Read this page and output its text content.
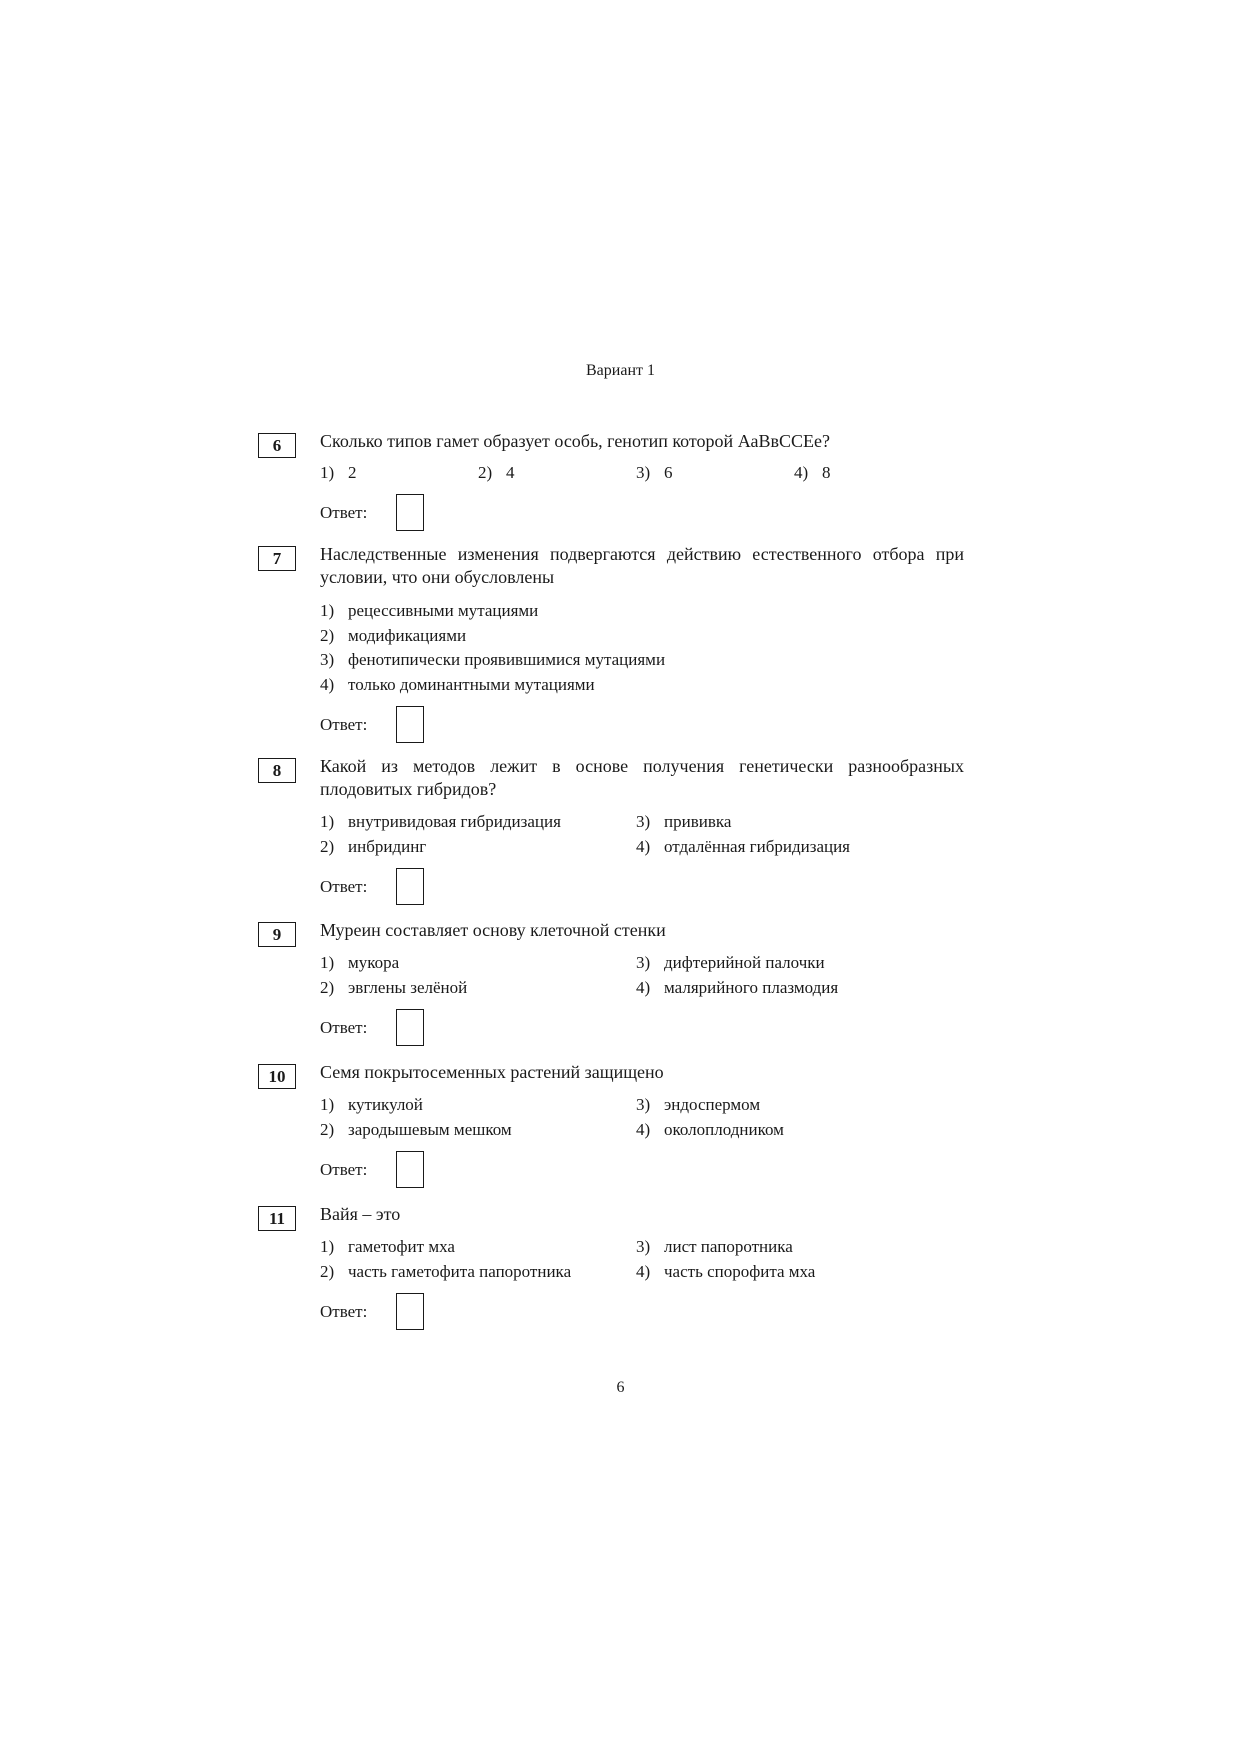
Вариант 1
6	Сколько типов гамет образует особь, генотип которой АаВвССЕе?
1) 2	2) 4	3) 6	4) 8
Ответ:
7	Наследственные изменения подвергаются действию естественного отбора при условии, что они обусловлены
1) рецессивными мутациями
2) модификациями
3) фенотипически проявившимися мутациями
4) только доминантными мутациями
Ответ:
8	Какой из методов лежит в основе получения генетически разнообразных плодовитых гибридов?
1) внутривидовая гибридизация	3) прививка
2) инбридинг	4) отдалённая гибридизация
Ответ:
9	Муреин составляет основу клеточной стенки
1) мукора	3) дифтерийной палочки
2) эвглены зелёной	4) малярийного плазмодия
Ответ:
10	Семя покрытосеменных растений защищено
1) кутикулой	3) эндоспермом
2) зародышевым мешком	4) околоплодником
Ответ:
11	Вайя – это
1) гаметофит мха	3) лист папоротника
2) часть гаметофита папоротника	4) часть спорофита мха
Ответ:
6
